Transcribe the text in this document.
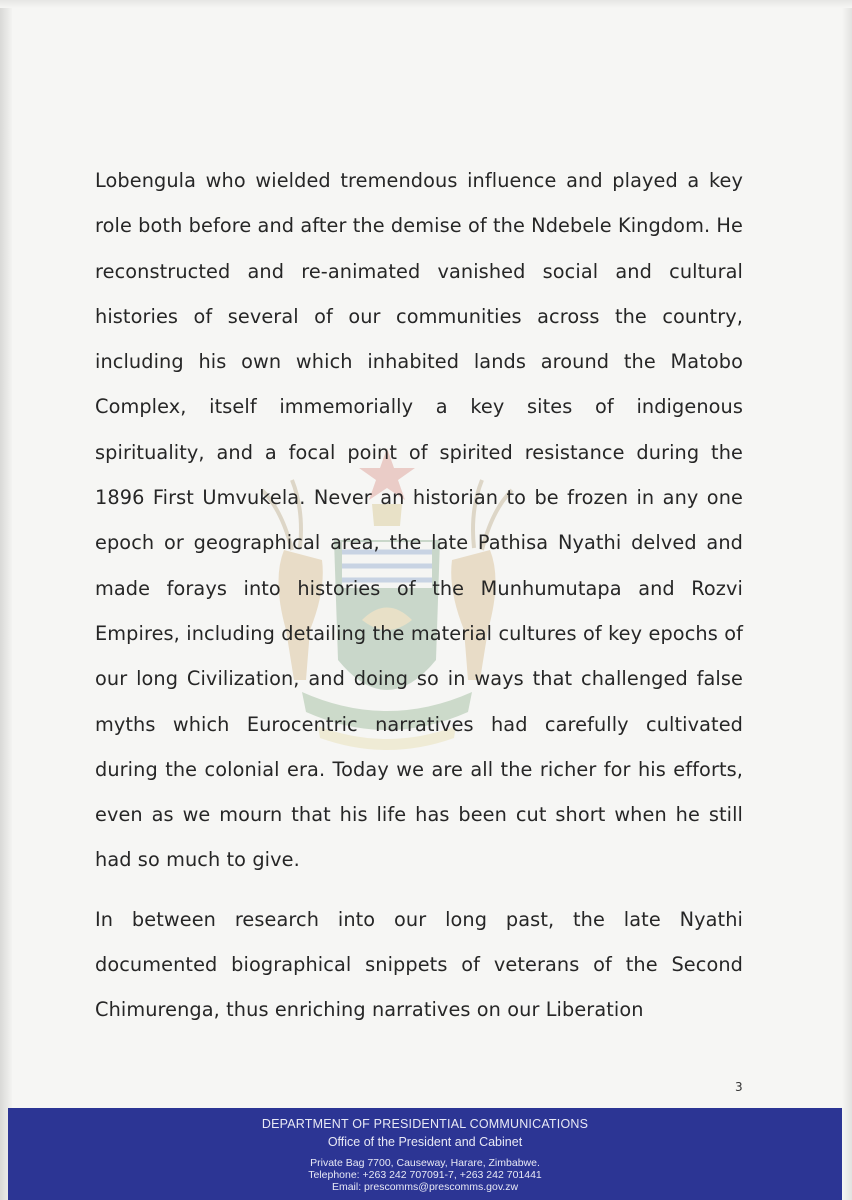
Lobengula who wielded tremendous influence and played a key role both before and after the demise of the Ndebele Kingdom. He reconstructed and re-animated vanished social and cultural histories of several of our communities across the country, including his own which inhabited lands around the Matobo Complex, itself immemorially a key sites of indigenous spirituality, and a focal point of spirited resistance during the 1896 First Umvukela. Never an historian to be frozen in any one epoch or geographical area, the late Pathisa Nyathi delved and made forays into histories of the Munhumutapa and Rozvi Empires, including detailing the material cultures of key epochs of our long Civilization, and doing so in ways that challenged false myths which Eurocentric narratives had carefully cultivated during the colonial era. Today we are all the richer for his efforts, even as we mourn that his life has been cut short when he still had so much to give.

In between research into our long past, the late Nyathi documented biographical snippets of veterans of the Second Chimurenga, thus enriching narratives on our Liberation

3
DEPARTMENT OF PRESIDENTIAL COMMUNICATIONS
Office of the President and Cabinet
Private Bag 7700, Causeway, Harare, Zimbabwe.
Telephone: +263 242 707091-7, +263 242 701441
Email: prescomms@prescomms.gov.zw
